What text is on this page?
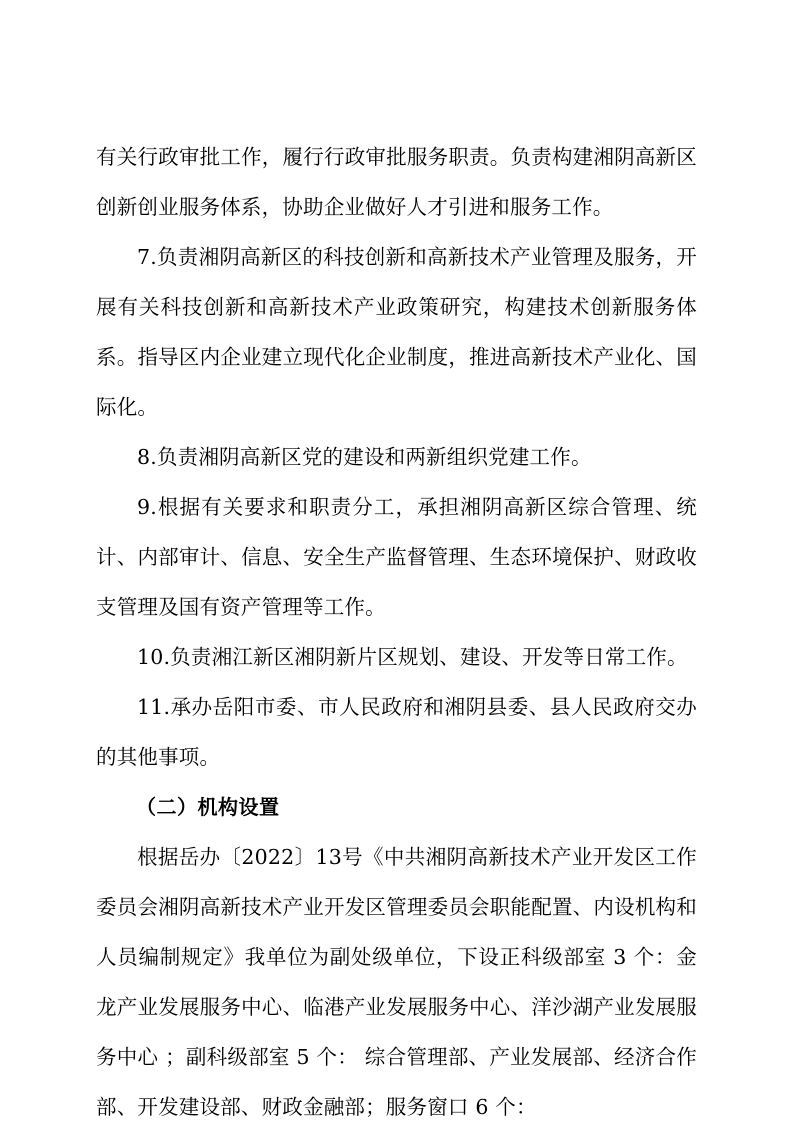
有关行政审批工作，履行行政审批服务职责。负责构建湘阴高新区创新创业服务体系，协助企业做好人才引进和服务工作。

7.负责湘阴高新区的科技创新和高新技术产业管理及服务，开展有关科技创新和高新技术产业政策研究，构建技术创新服务体系。指导区内企业建立现代化企业制度，推进高新技术产业化、国际化。

8.负责湘阴高新区党的建设和两新组织党建工作。

9.根据有关要求和职责分工，承担湘阴高新区综合管理、统计、内部审计、信息、安全生产监督管理、生态环境保护、财政收支管理及国有资产管理等工作。

10.负责湘江新区湘阴新片区规划、建设、开发等日常工作。

11.承办岳阳市委、市人民政府和湘阴县委、县人民政府交办的其他事项。

（二）机构设置

根据岳办〔2022〕13号《中共湘阴高新技术产业开发区工作委员会湘阴高新技术产业开发区管理委员会职能配置、内设机构和人员编制规定》我单位为副处级单位，下设正科级部室 3 个：金龙产业发展服务中心、临港产业发展服务中心、洋沙湖产业发展服务中心 ；副科级部室 5 个： 综合管理部、产业发展部、经济合作部、开发建设部、财政金融部；服务窗口 6 个：
